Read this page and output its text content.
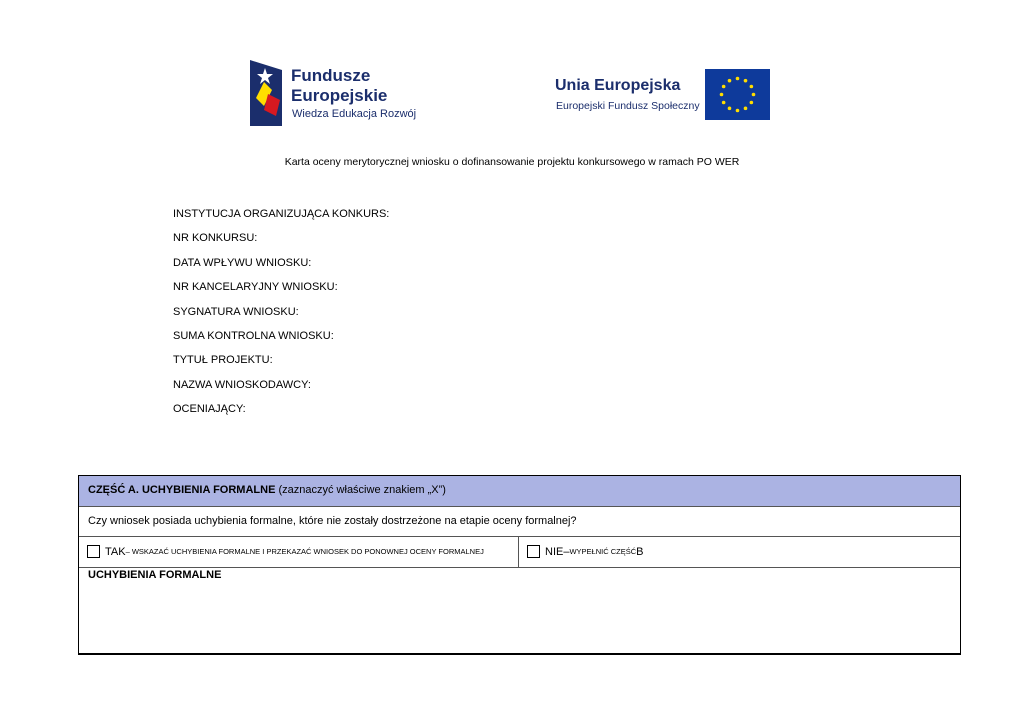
Fundusze
Europejskie
Wiedza Edukacja Rozwój
Unia Europejska
Europejski Fundusz Społeczny
Karta oceny merytorycznej wniosku o dofinansowanie projektu konkursowego w ramach PO WER
INSTYTUCJA ORGANIZUJĄCA KONKURS:
NR KONKURSU:
DATA WPŁYWU WNIOSKU:
NR KANCELARYJNY WNIOSKU:
SYGNATURA WNIOSKU:
SUMA KONTROLNA WNIOSKU:
TYTUŁ PROJEKTU:
NAZWA WNIOSKODAWCY:
OCENIAJĄCY:
CZĘŚĆ A. UCHYBIENIA FORMALNE (zaznaczyć właściwe znakiem „X”)
Czy wniosek posiada uchybienia formalne, które nie zostały dostrzeżone na etapie oceny formalnej?
TAK – WSKAZAĆ UCHYBIENIA FORMALNE I PRZEKAZAĆ WNIOSEK DO PONOWNEJ OCENY FORMALNEJ	NIE – WYPEŁNIĆ CZĘŚĆ B
UCHYBIENIA FORMALNE
